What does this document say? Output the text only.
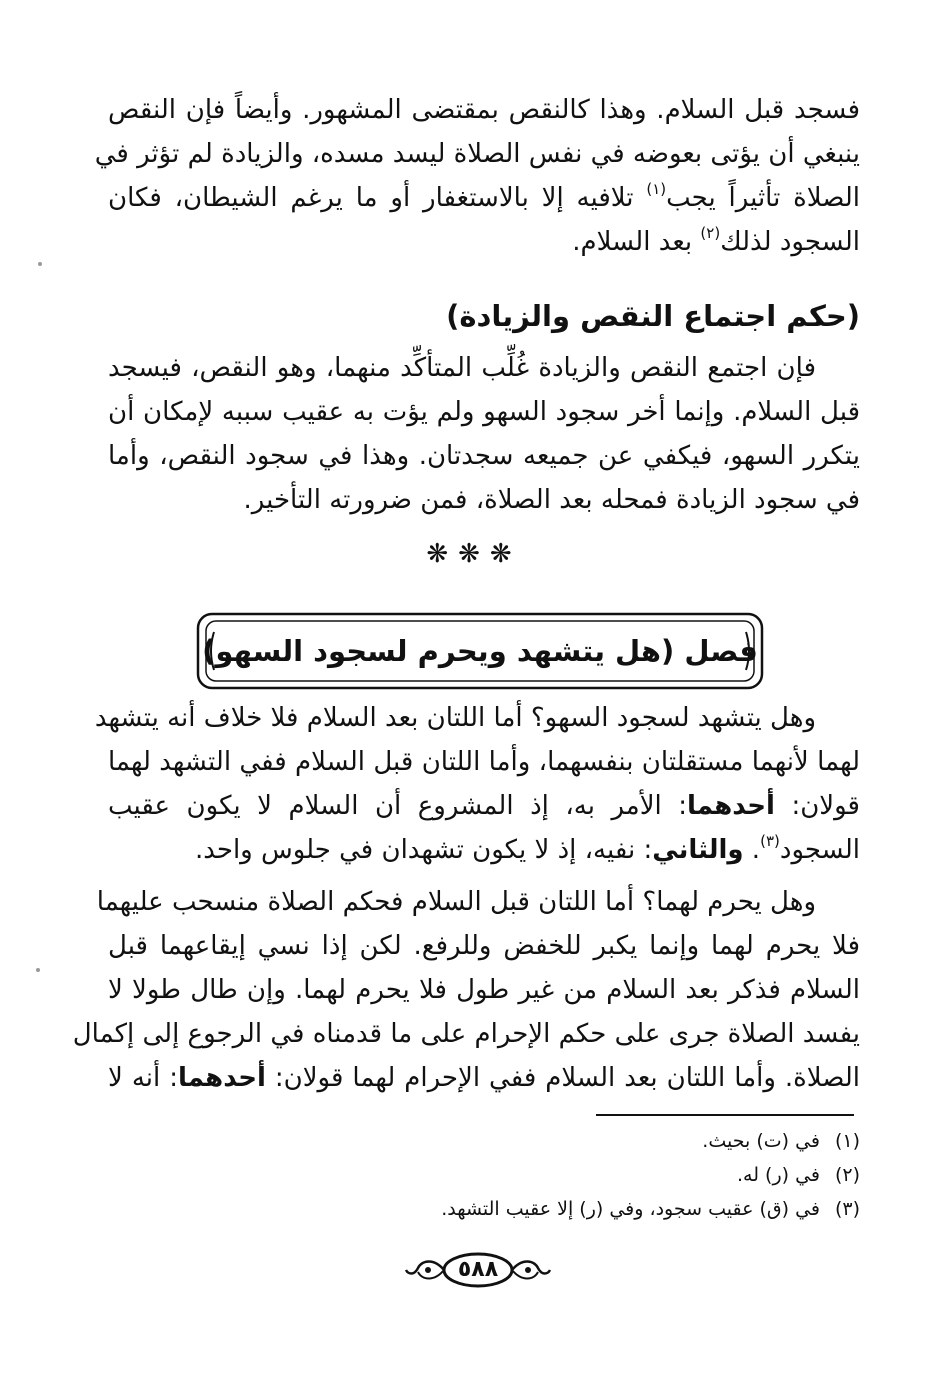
فسجد قبل السلام. وهذا كالنقص بمقتضى المشهور. وأيضاً فإن النقص
ينبغي أن يؤتى بعوضه في نفس الصلاة ليسد مسده، والزيادة لم تؤثر في
الصلاة تأثيراً يجب$^{(١)}$ تلافيه إلا بالاستغفار أو ما يرغم الشيطان، فكان
السجود لذلك$^{(٢)}$ بعد السلام.
(حكم اجتماع النقص والزيادة)
فإن اجتمع النقص والزيادة غُلِّب المتأكِّد منهما، وهو النقص، فيسجد
قبل السلام. وإنما أخر سجود السهو ولم يؤت به عقيب سببه لإمكان أن
يتكرر السهو، فيكفي عن جميعه سجدتان. وهذا في سجود النقص، وأما
في سجود الزيادة فمحله بعد الصلاة، فمن ضرورته التأخير.
❋❋❋
فصل (هل يتشهد ويحرم لسجود السهو)
وهل يتشهد لسجود السهو؟ أما اللتان بعد السلام فلا خلاف أنه يتشهد
لهما لأنهما مستقلتان بنفسهما، وأما اللتان قبل السلام ففي التشهد لهما
قولان: أحدهما: الأمر به، إذ المشروع أن السلام لا يكون عقيب
السجود$^{(٣)}$. والثاني: نفيه، إذ لا يكون تشهدان في جلوس واحد.
وهل يحرم لهما؟ أما اللتان قبل السلام فحكم الصلاة منسحب عليهما
فلا يحرم لهما وإنما يكبر للخفض وللرفع. لكن إذا نسي إيقاعهما قبل
السلام فذكر بعد السلام من غير طول فلا يحرم لهما. وإن طال طولا لا
يفسد الصلاة جرى على حكم الإحرام على ما قدمناه في الرجوع إلى إكمال
الصلاة. وأما اللتان بعد السلام ففي الإحرام لهما قولان: أحدهما: أنه لا
(١)في (ت) بحيث.
(٢)في (ر) له.
(٣)في (ق) عقيب سجود، وفي (ر) إلا عقيب التشهد.
٥٨٨
